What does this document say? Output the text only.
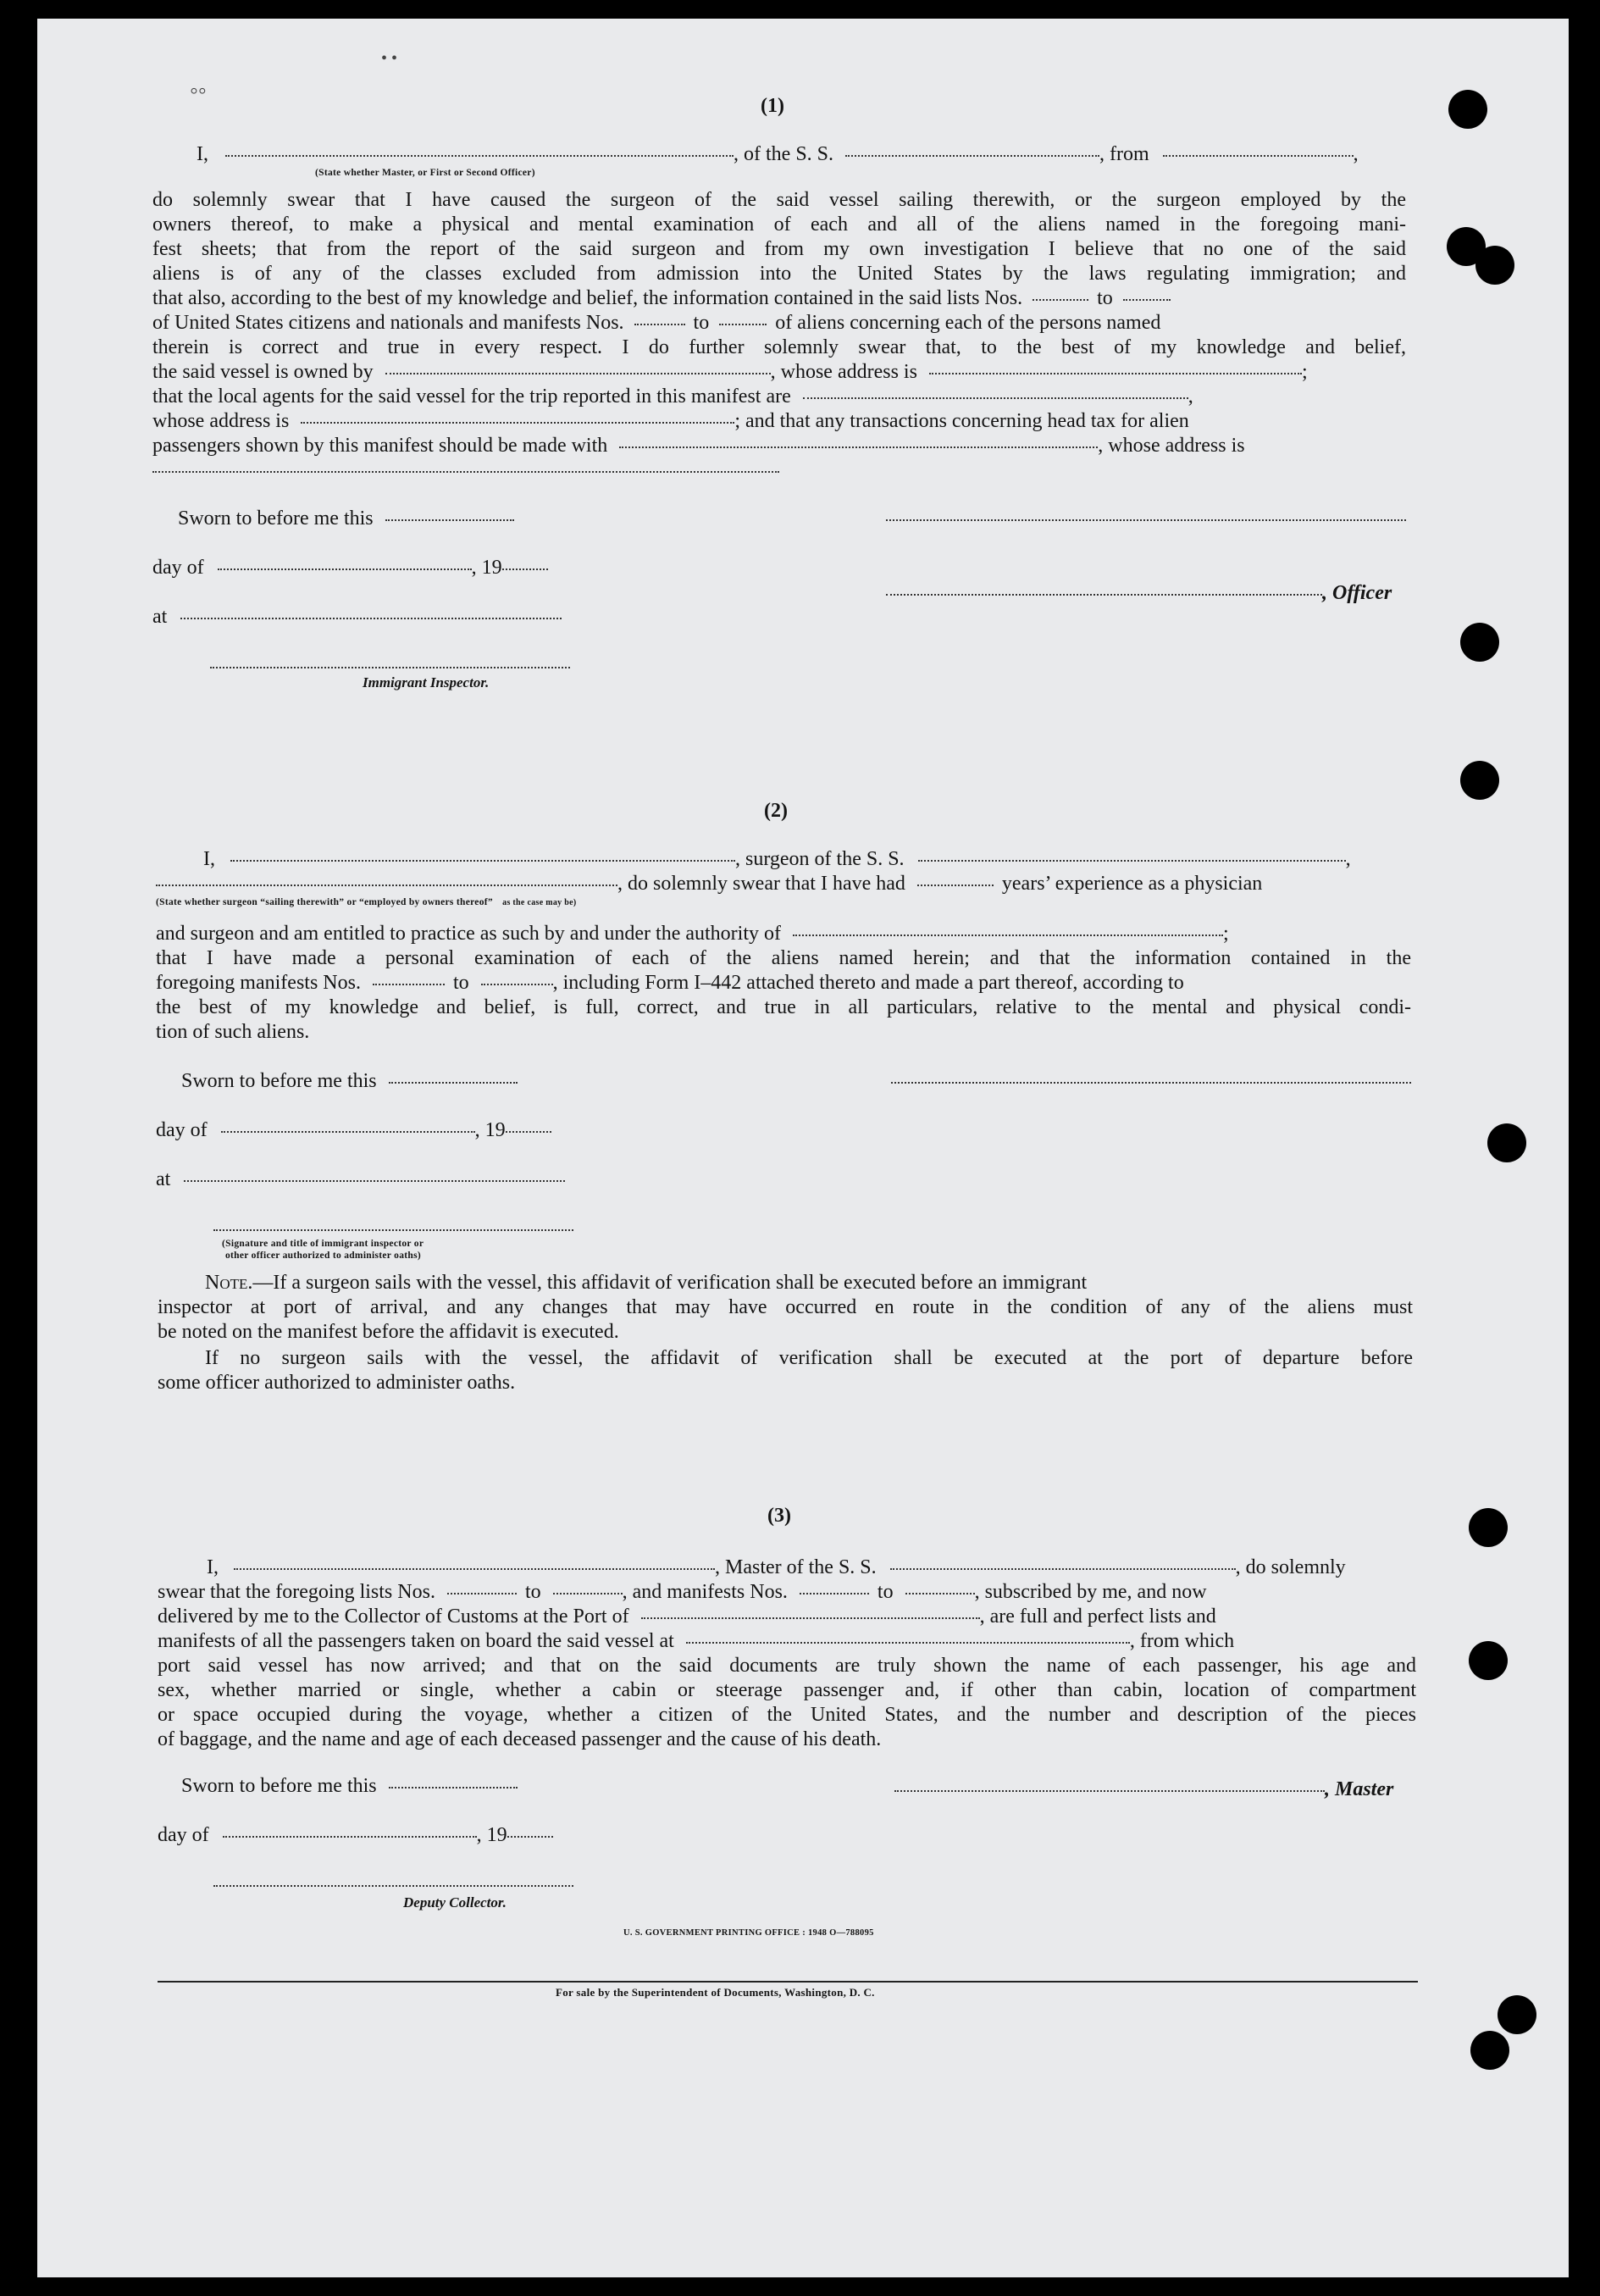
(1)
I,	, of the S. S.	, from	,
(State whether Master, or First or Second Officer)
do solemnly swear that I have caused the surgeon of the said vessel sailing therewith, or the surgeon employed by the
owners thereof, to make a physical and mental examination of each and all of the aliens named in the foregoing mani-
fest sheets; that from the report of the said surgeon and from my own investigation I believe that no one of the said
aliens is of any of the classes excluded from admission into the United States by the laws regulating immigration; and
that also, according to the best of my knowledge and belief, the information contained in the said lists Nos.	to
of United States citizens and nationals and manifests Nos.	to	of aliens concerning each of the persons named
therein is correct and true in every respect. I do further solemnly swear that, to the best of my knowledge and belief,
the said vessel is owned by	, whose address is	;
that the local agents for the said vessel for the trip reported in this manifest are	,
whose address is	; and that any transactions concerning head tax for alien
passengers shown by this manifest should be made with	, whose address is
Sworn to before me this
day of	, 19
, Officer
at
Immigrant Inspector.
(2)
I,	, surgeon of the S. S.	,
, do solemnly swear that I have had	years’ experience as a physician
(State whether surgeon “sailing therewith” or “employed by owners thereof” as the case may be)
and surgeon and am entitled to practice as such by and under the authority of	;
that I have made a personal examination of each of the aliens named herein; and that the information contained in the
foregoing manifests Nos.	to	, including Form I–442 attached thereto and made a part thereof, according to
the best of my knowledge and belief, is full, correct, and true in all particulars, relative to the mental and physical condi-
tion of such aliens.
Sworn to before me this
day of	, 19
at
(Signature and title of immigrant inspector or
other officer authorized to administer oaths)
Note.—If a surgeon sails with the vessel, this affidavit of verification shall be executed before an immigrant
inspector at port of arrival, and any changes that may have occurred en route in the condition of any of the aliens must
be noted on the manifest before the affidavit is executed.
If no surgeon sails with the vessel, the affidavit of verification shall be executed at the port of departure before
some officer authorized to administer oaths.
(3)
I,	, Master of the S. S.	, do solemnly
swear that the foregoing lists Nos.	to	, and manifests Nos.	to	, subscribed by me, and now
delivered by me to the Collector of Customs at the Port of	, are full and perfect lists and
manifests of all the passengers taken on board the said vessel at	, from which
port said vessel has now arrived; and that on the said documents are truly shown the name of each passenger, his age and
sex, whether married or single, whether a cabin or steerage passenger and, if other than cabin, location of compartment
or space occupied during the voyage, whether a citizen of the United States, and the number and description of the pieces
of baggage, and the name and age of each deceased passenger and the cause of his death.
Sworn to before me this	, Master
day of	, 19
Deputy Collector.
U. S. GOVERNMENT PRINTING OFFICE : 1948 O—788095
For sale by the Superintendent of Documents, Washington, D. C.
◦◦
• •
